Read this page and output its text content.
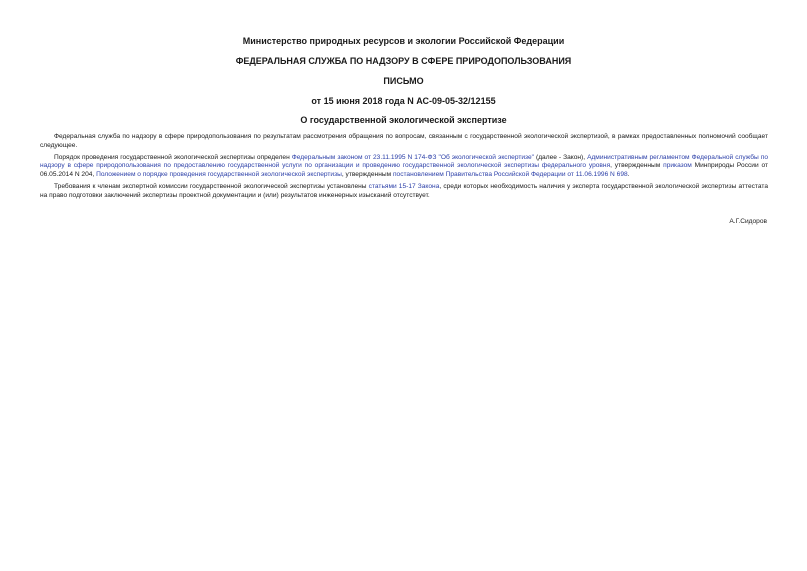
Министерство природных ресурсов и экологии Российской Федерации
ФЕДЕРАЛЬНАЯ СЛУЖБА ПО НАДЗОРУ В СФЕРЕ ПРИРОДОПОЛЬЗОВАНИЯ
ПИСЬМО
от 15 июня 2018 года N АС-09-05-32/12155
О государственной экологической экспертизе

Федеральная служба по надзору в сфере природопользования по результатам рассмотрения обращения по вопросам, связанным с государственной экологической экспертизой, в рамках предоставленных полномочий сообщает следующее.

Порядок проведения государственной экологической экспертизы определен Федеральным законом от 23.11.1995 N 174-ФЗ "Об экологической экспертизе" (далее - Закон), Административным регламентом Федеральной службы по надзору в сфере природопользования по предоставлению государственной услуги по организации и проведению государственной экологической экспертизы федерального уровня, утвержденным приказом Минприроды России от 06.05.2014 N 204, Положением о порядке проведения государственной экологической экспертизы, утвержденным постановлением Правительства Российской Федерации от 11.06.1996 N 698.

Требования к членам экспертной комиссии государственной экологической экспертизы установлены статьями 15-17 Закона, среди которых необходимость наличия у эксперта государственной экологической экспертизы аттестата на право подготовки заключений экспертизы проектной документации и (или) результатов инженерных изысканий отсутствует.

А.Г.Сидоров
